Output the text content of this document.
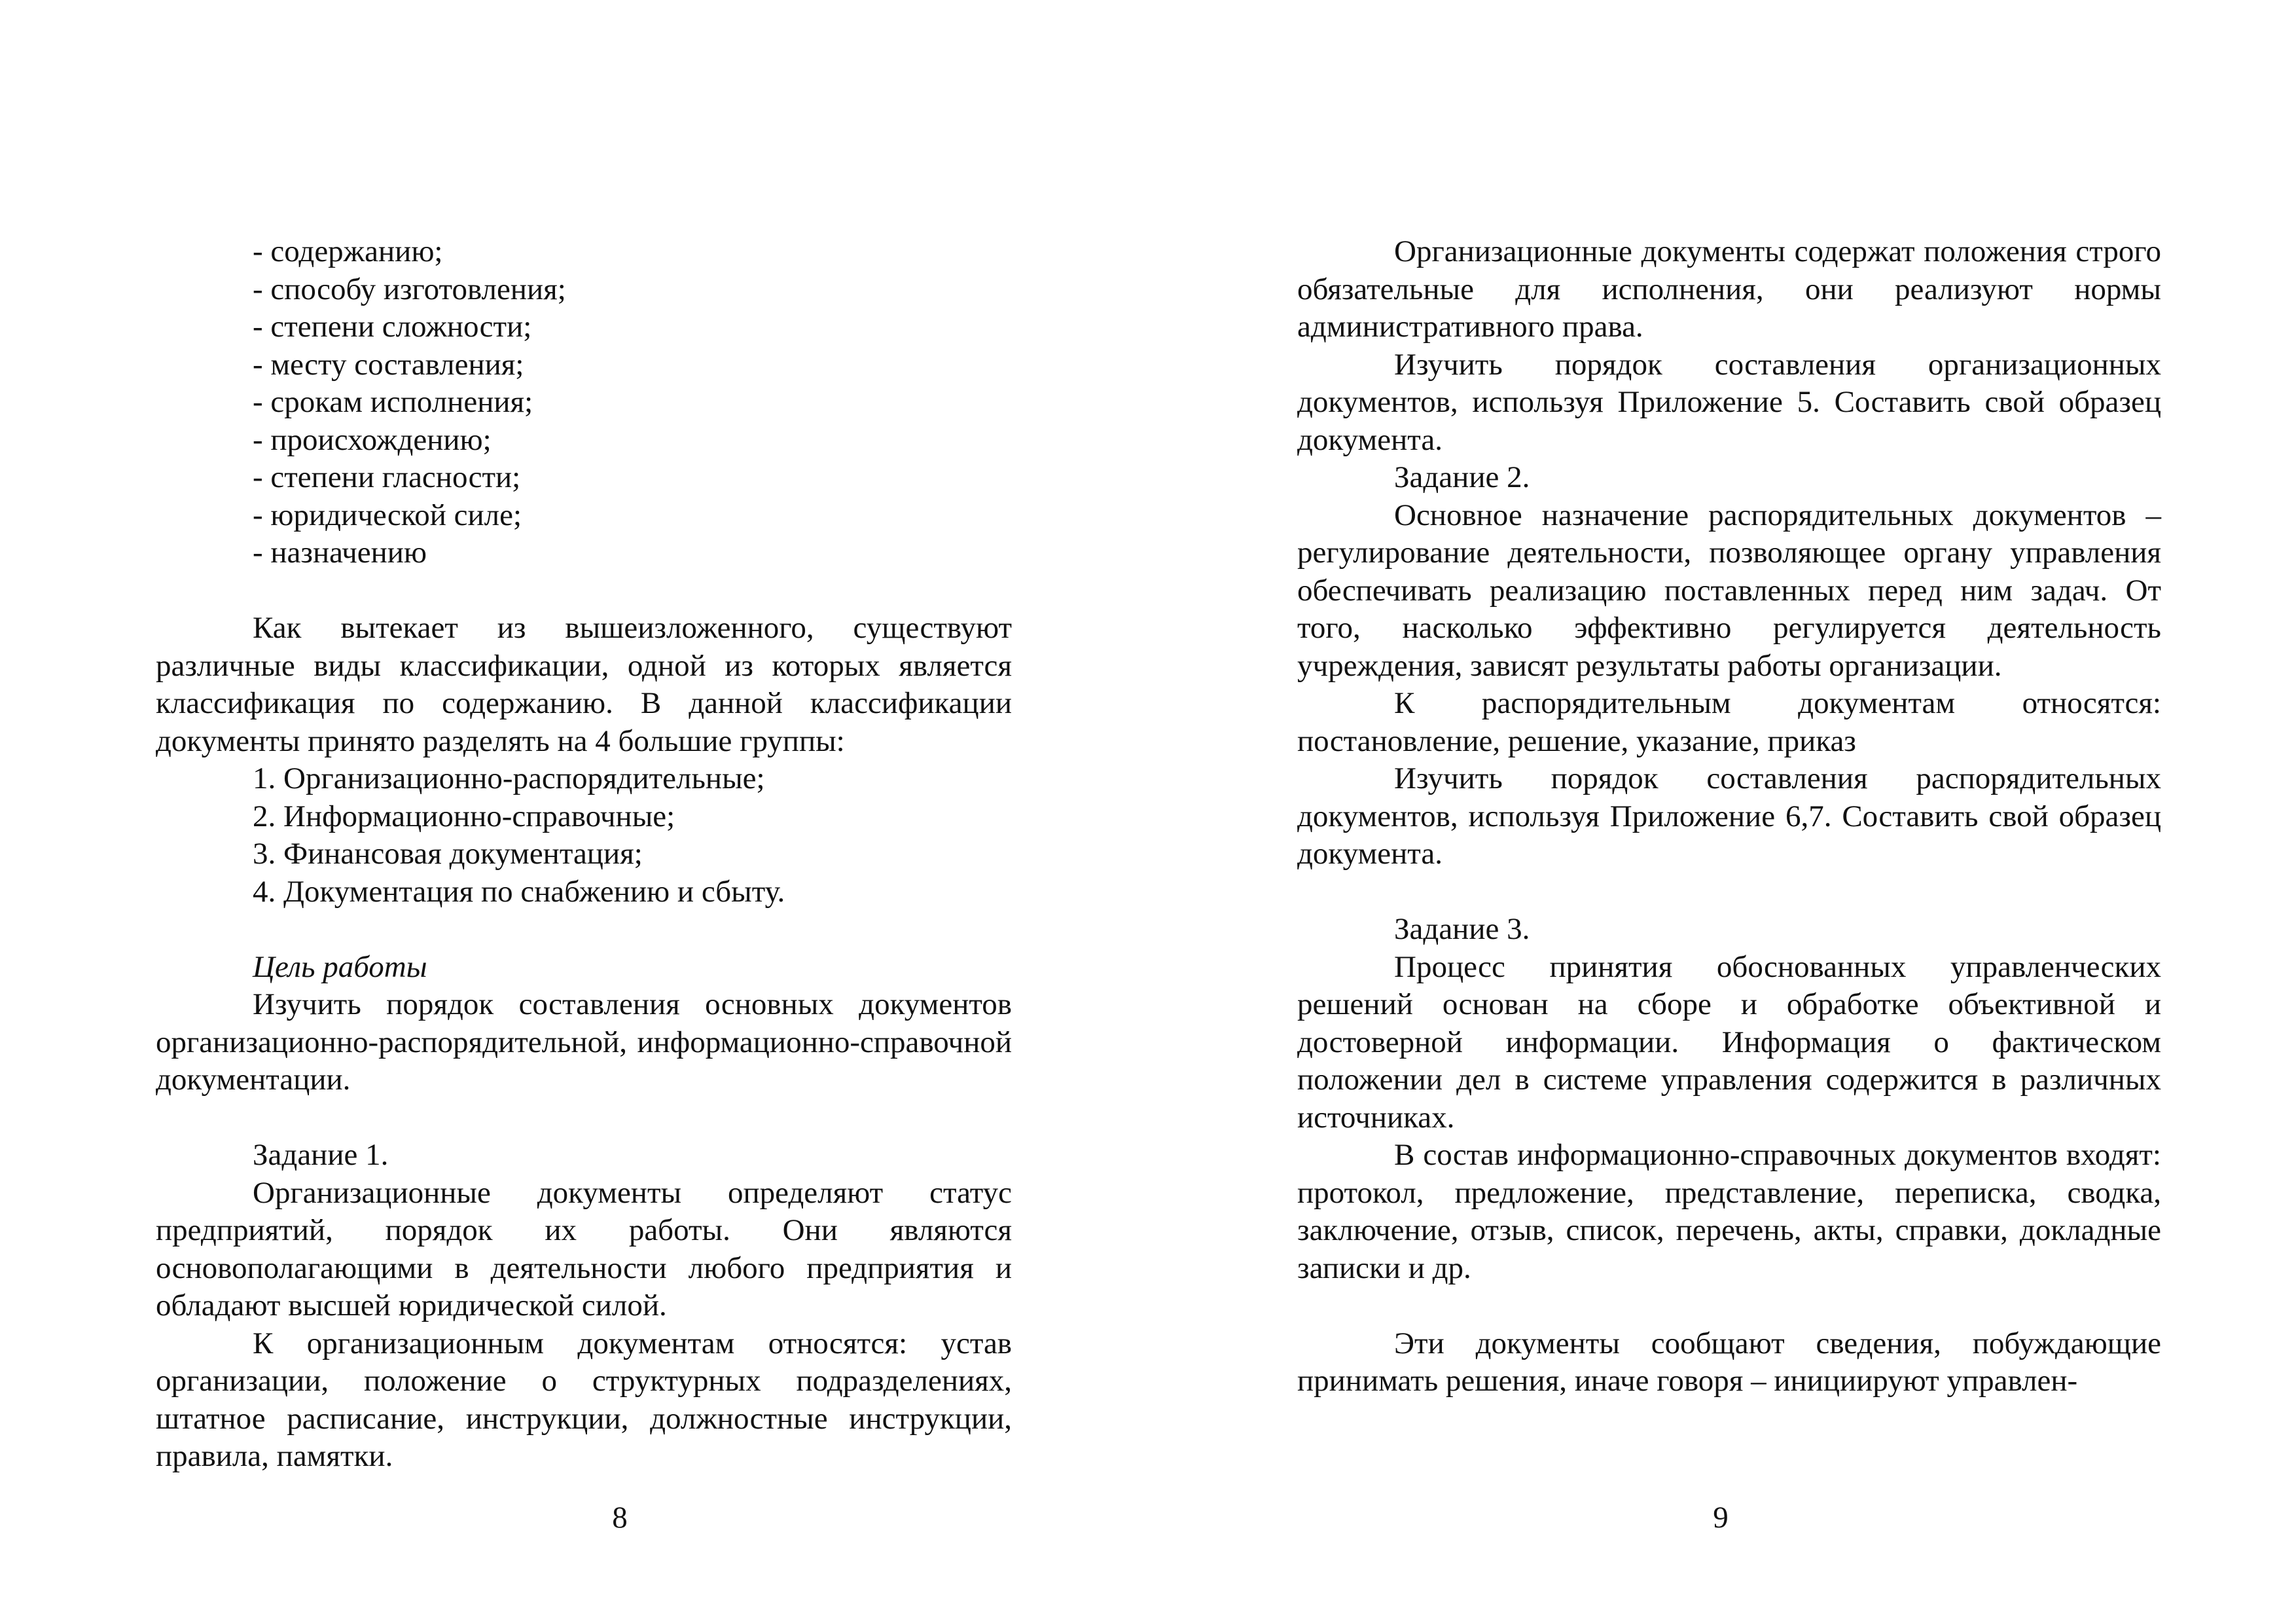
- содержанию;
- способу изготовления;
- степени сложности;
- месту составления;
- срокам исполнения;
- происхождению;
- степени гласности;
- юридической силе;
- назначению

Как вытекает из вышеизложенного, существуют различные виды классификации, одной из которых является классификация по содержанию. В данной классификации документы принято разделять на 4 большие группы:

1. Организационно-распорядительные;
2. Информационно-справочные;
3. Финансовая документация;
4. Документация по снабжению и сбыту.

Цель работы

Изучить порядок составления основных документов организационно-распорядительной, информационно-справочной документации.

Задание 1.

Организационные документы определяют статус предприятий, порядок их работы. Они являются основополагающими в деятельности любого предприятия и обладают высшей юридической силой.

К организационным документам относятся: устав организации, положение о структурных подразделениях, штатное расписание, инструкции, должностные инструкции, правила, памятки.

8

Организационные документы содержат положения строго обязательные для исполнения, они реализуют нормы административного права.

Изучить порядок составления организационных документов, используя Приложение 5. Составить свой образец документа.

Задание 2.

Основное назначение распорядительных документов – регулирование деятельности, позволяющее органу управления обеспечивать реализацию поставленных перед ним задач. От того, насколько эффективно регулируется деятельность учреждения, зависят результаты работы организации.

К распорядительным документам относятся: постановление, решение, указание, приказ

Изучить порядок составления распорядительных документов, используя Приложение 6,7. Составить свой образец документа.

Задание 3.

Процесс принятия обоснованных управленческих решений основан на сборе и обработке объективной и достоверной информации. Информация о фактическом положении дел в системе управления содержится в различных источниках.

В состав информационно-справочных документов входят: протокол, предложение, представление, переписка, сводка, заключение, отзыв, список, перечень, акты, справки, докладные записки и др.

Эти документы сообщают сведения, побуждающие принимать решения, иначе говоря – инициируют управлен-

9
